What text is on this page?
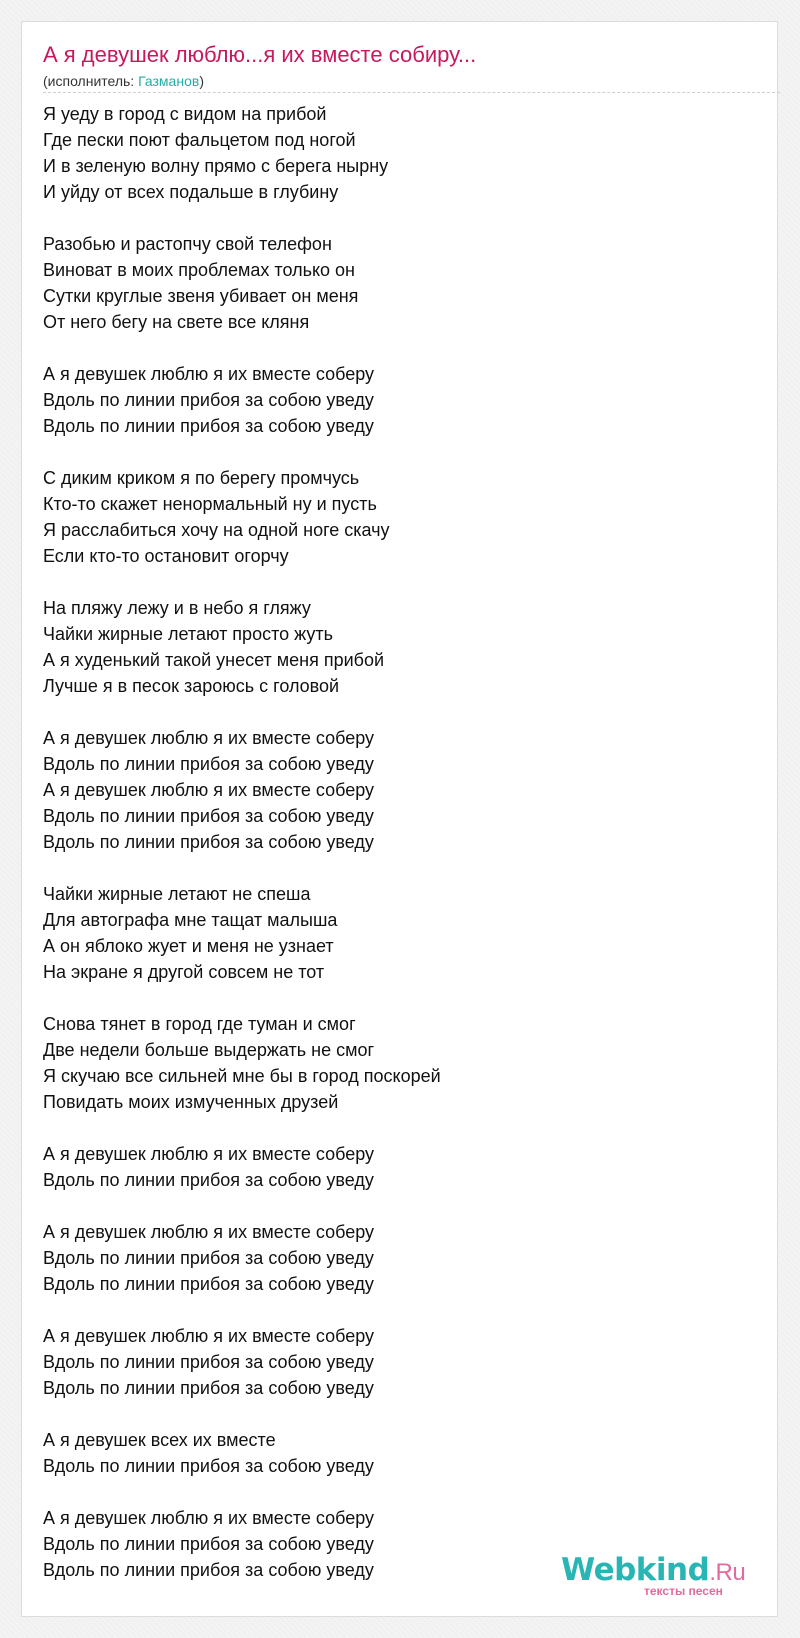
А я девушек люблю...я их вместе собиру...
(исполнитель: Газманов)
Я уеду в город с видом на прибой
Где пески поют фальцетом под ногой
И в зеленую волну прямо с берега нырну
И уйду от всех подальше в глубину
Разобью и растопчу свой телефон
Виноват в моих проблемах только он
Сутки круглые звеня убивает он меня
От него бегу на свете все кляня
А я девушек люблю я их вместе соберу
Вдоль по линии прибоя за собою уведу
Вдоль по линии прибоя за собою уведу
С диким криком я по берегу промчусь
Кто-то скажет ненормальный ну и пусть
Я расслабиться хочу на одной ноге скачу
Если кто-то остановит огорчу
На пляжу лежу и в небо я гляжу
Чайки жирные летают просто жуть
А я худенький такой унесет меня прибой
Лучше я в песок зароюсь с головой
А я девушек люблю я их вместе соберу
Вдоль по линии прибоя за собою уведу
А я девушек люблю я их вместе соберу
Вдоль по линии прибоя за собою уведу
Вдоль по линии прибоя за собою уведу
Чайки жирные летают не спеша
Для автографа мне тащат малыша
А он яблоко жует и меня не узнает
На экране я другой совсем не тот
Снова тянет в город где туман и смог
Две недели больше выдержать не смог
Я скучаю все сильней мне бы в город поскорей
Повидать моих измученных друзей
А я девушек люблю я их вместе соберу
Вдоль по линии прибоя за собою уведу
А я девушек люблю я их вместе соберу
Вдоль по линии прибоя за собою уведу
Вдоль по линии прибоя за собою уведу
А я девушек люблю я их вместе соберу
Вдоль по линии прибоя за собою уведу
Вдоль по линии прибоя за собою уведу
А я девушек всех их вместе
Вдоль по линии прибоя за собою уведу
А я девушек люблю я их вместе соберу
Вдоль по линии прибоя за собою уведу
Вдоль по линии прибоя за собою уведу	Webkind.Ru
тексты песен
